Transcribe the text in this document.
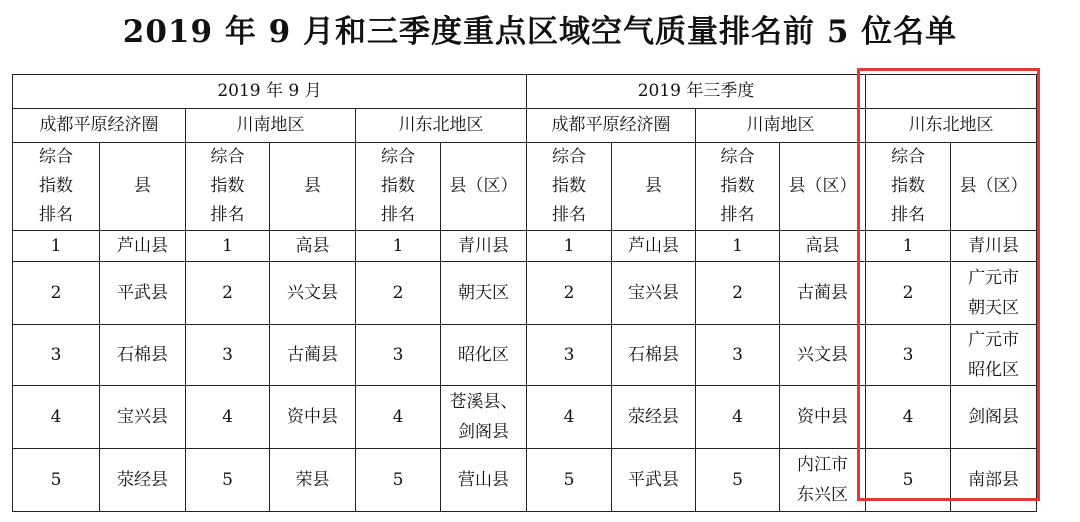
2019 年 9 月和三季度重点区域空气质量排名前 5 位名单
2019 年 9 月						2019 年三季度					
成都平原经济圈		川南地区		川东北地区		成都平原经济圈		川南地区		川东北地区	

综合
指数
排名	县	综合
指数
排名	县	综合
指数
排名	县（区）	综合
指数
排名	县	综合
指数
排名	县（区）	综合
指数
排名	县（区）

1	芦山县	1	高县	1	青川县	1	芦山县	1	高县	1	青川县

2	平武县	2	兴文县	2	朝天区	2	宝兴县	2	古蔺县	2	广元市
朝天区

3	石棉县	3	古蔺县	3	昭化区	3	石棉县	3	兴文县	3	广元市
昭化区

4	宝兴县	4	资中县	4	苍溪县、
剑阁县	4	荥经县	4	资中县	4	剑阁县

5	荥经县	5	荣县	5	营山县	5	平武县	5	内江市
东兴区	5	南部县
